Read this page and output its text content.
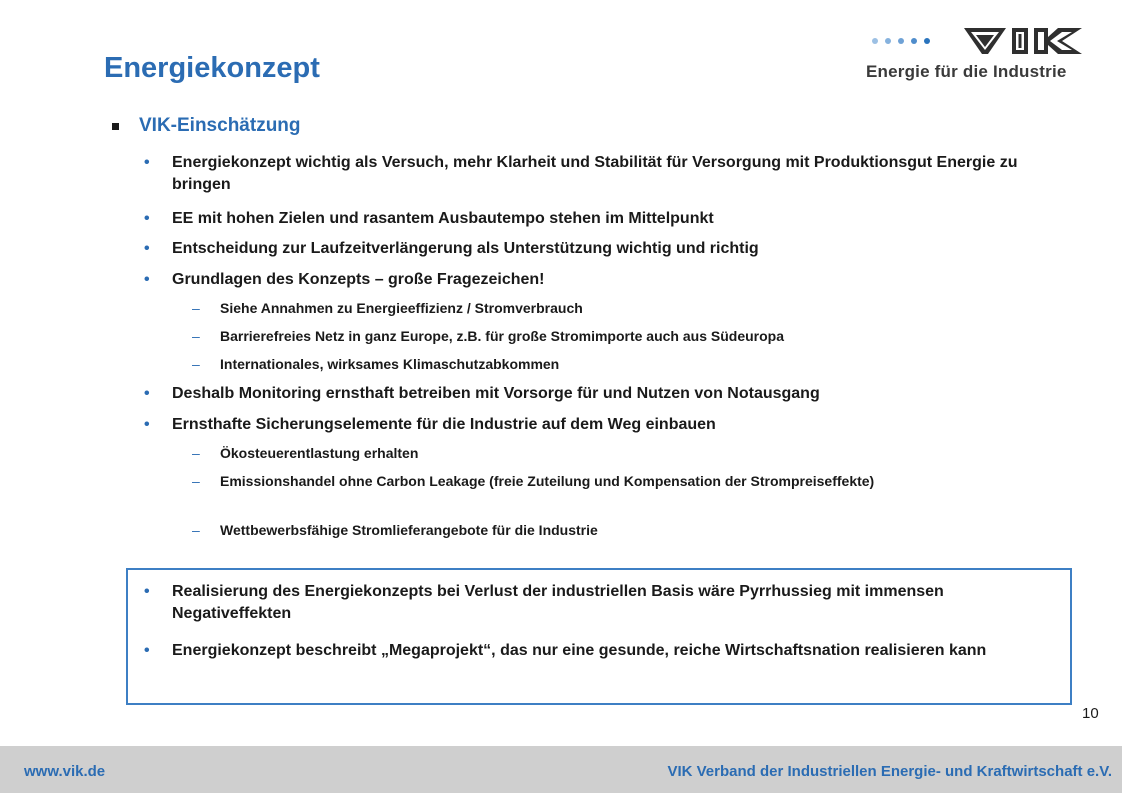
Energiekonzept	Energie für die Industrie
VIK-Einschätzung
• Energiekonzept wichtig als Versuch, mehr Klarheit und Stabilität für Versorgung mit Produktionsgut Energie zu bringen
• EE mit hohen Zielen und rasantem Ausbautempo stehen im Mittelpunkt
• Entscheidung zur Laufzeitverlängerung als Unterstützung wichtig und richtig
• Grundlagen des Konzepts – große Fragezeichen!
– Siehe Annahmen zu Energieeffizienz / Stromverbrauch
– Barrierefreies Netz in ganz Europe, z.B. für große Stromimporte auch aus Südeuropa
– Internationales, wirksames Klimaschutzabkommen
• Deshalb Monitoring ernsthaft betreiben mit Vorsorge für und Nutzen von Notausgang
• Ernsthafte Sicherungselemente für die Industrie auf dem Weg einbauen
– Ökosteuerentlastung erhalten
– Emissionshandel ohne Carbon Leakage (freie Zuteilung und Kompensation der Strompreiseffekte)
– Wettbewerbsfähige Stromlieferangebote für die Industrie
• Realisierung des Energiekonzepts bei Verlust der industriellen Basis wäre Pyrrhussieg mit immensen Negativeffekten
• Energiekonzept beschreibt „Megaprojekt“, das nur eine gesunde, reiche Wirtschaftsnation realisieren kann
10
www.vik.de	VIK Verband der Industriellen Energie- und Kraftwirtschaft e.V.
